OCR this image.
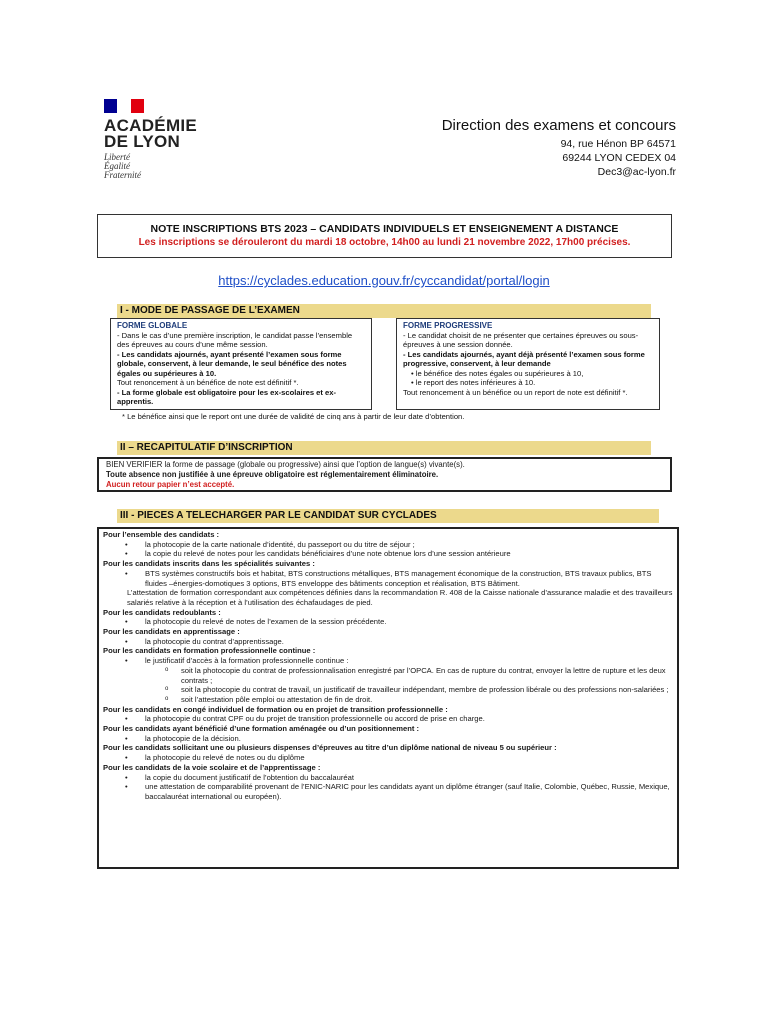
ACADÉMIE
DE LYON
Liberté
Égalité
Fraternité
Direction des examens et concours
94, rue Hénon BP 64571
69244 LYON CEDEX 04
Dec3@ac-lyon.fr
NOTE INSCRIPTIONS BTS 2023 – CANDIDATS INDIVIDUELS ET ENSEIGNEMENT A DISTANCE
Les inscriptions se dérouleront du mardi 18 octobre, 14h00 au lundi 21 novembre 2022, 17h00 précises.
https://cyclades.education.gouv.fr/cyccandidat/portal/login
I - MODE DE PASSAGE DE L’EXAMEN
FORME GLOBALE
- Dans le cas d’une première inscription, le candidat passe l’ensemble des épreuves au cours d’une même session.
- Les candidats ajournés, ayant présenté l’examen sous forme globale, conservent, à leur demande, le seul bénéfice des notes égales ou supérieures à 10.
Tout renoncement à un bénéfice de note est définitif *.
- La forme globale est obligatoire pour les ex-scolaires et ex-apprentis.
FORME PROGRESSIVE
- Le candidat choisit de ne présenter que certaines épreuves ou sous-épreuves à une session donnée.
- Les candidats ajournés, ayant déjà présenté l’examen sous forme progressive, conservent, à leur demande
• le bénéfice des notes égales ou supérieures à 10,
• le report des notes inférieures à 10.
Tout renoncement à un bénéfice ou un report de note est définitif *.
* Le bénéfice ainsi que le report ont une durée de validité de cinq ans à partir de leur date d’obtention.
II – RECAPITULATIF D’INSCRIPTION
BIEN VERIFIER la forme de passage (globale ou progressive) ainsi que l’option de langue(s) vivante(s).
Toute absence non justifiée à une épreuve obligatoire est réglementairement éliminatoire.
Aucun retour papier n’est accepté.
III - PIECES A TELECHARGER PAR LE CANDIDAT SUR CYCLADES
Pour l’ensemble des candidats :
• la photocopie de la carte nationale d’identité, du passeport ou du titre de séjour ;
• la copie du relevé de notes pour les candidats bénéficiaires d’une note obtenue lors d’une session antérieure
Pour les candidats inscrits dans les spécialités suivantes :
• BTS systèmes constructifs bois et habitat, BTS constructions métalliques, BTS management économique de la construction, BTS travaux publics, BTS fluides –énergies-domotiques 3 options, BTS enveloppe des bâtiments conception et réalisation, BTS Bâtiment.
L’attestation de formation correspondant aux compétences définies dans la recommandation R. 408 de la Caisse nationale d’assurance maladie et des travailleurs salariés relative à la réception et à l’utilisation des échafaudages de pied.
Pour les candidats redoublants :
• la photocopie du relevé de notes de l’examen de la session précédente.
Pour les candidats en apprentissage :
• la photocopie du contrat d’apprentissage.
Pour les candidats en formation professionnelle continue :
• le justificatif d’accès à la formation professionnelle continue :
o soit la photocopie du contrat de professionnalisation enregistré par l’OPCA. En cas de rupture du contrat, envoyer la lettre de rupture et les deux contrats ;
o soit la photocopie du contrat de travail, un justificatif de travailleur indépendant, membre de profession libérale ou des professions non-salariées ;
o soit l’attestation pôle emploi ou attestation de fin de droit.
Pour les candidats en congé individuel de formation ou en projet de transition professionnelle :
• la photocopie du contrat CPF ou du projet de transition professionnelle ou accord de prise en charge.
Pour les candidats ayant bénéficié d’une formation aménagée ou d’un positionnement :
• la photocopie de la décision.
Pour les candidats sollicitant une ou plusieurs dispenses d’épreuves au titre d’un diplôme national de niveau 5 ou supérieur :
• la photocopie du relevé de notes ou du diplôme
Pour les candidats de la voie scolaire et de l’apprentissage :
• la copie du document justificatif de l’obtention du baccalauréat
• une attestation de comparabilité provenant de l’ENIC-NARIC pour les candidats ayant un diplôme étranger (sauf Italie, Colombie, Québec, Russie, Mexique, baccalauréat international ou européen).
